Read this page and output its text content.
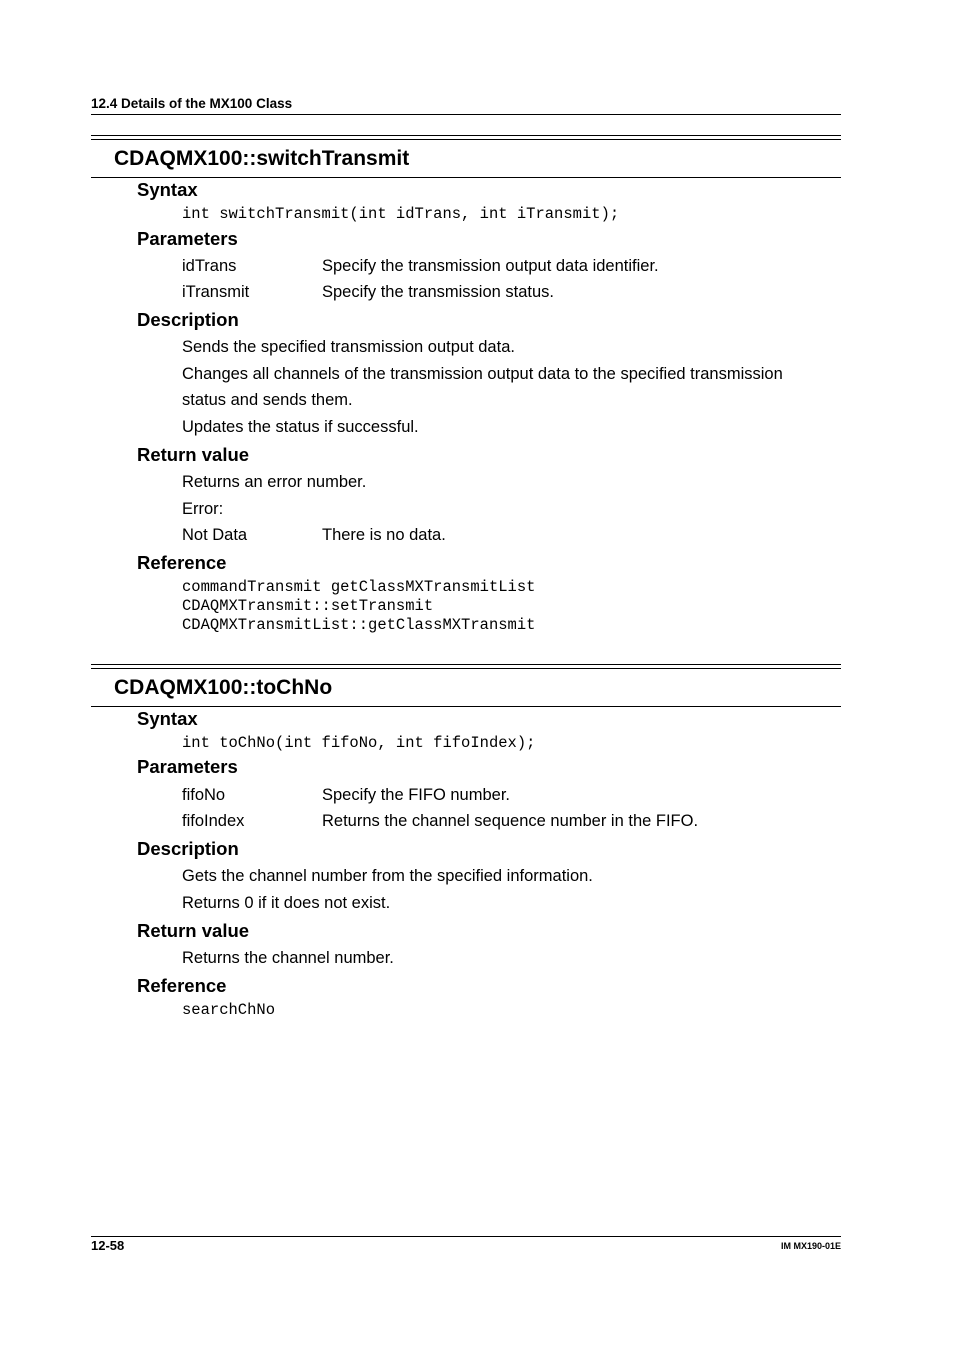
12.4 Details of the MX100 Class
CDAQMX100::switchTransmit
Syntax
int switchTransmit(int idTrans, int iTransmit);
Parameters
idTrans	Specify the transmission output data identifier.
iTransmit	Specify the transmission status.
Description
Sends the specified transmission output data.
Changes all channels of the transmission output data to the specified transmission
status and sends them.
Updates the status if successful.
Return value
Returns an error number.
Error:
Not Data	There is no data.
Reference
commandTransmit getClassMXTransmitList
CDAQMXTransmit::setTransmit
CDAQMXTransmitList::getClassMXTransmit
CDAQMX100::toChNo
Syntax
int toChNo(int fifoNo, int fifoIndex);
Parameters
fifoNo	Specify the FIFO number.
fifoIndex	Returns the channel sequence number in the FIFO.
Description
Gets the channel number from the specified information.
Returns 0 if it does not exist.
Return value
Returns the channel number.
Reference
searchChNo
12-58	IM MX190-01E
